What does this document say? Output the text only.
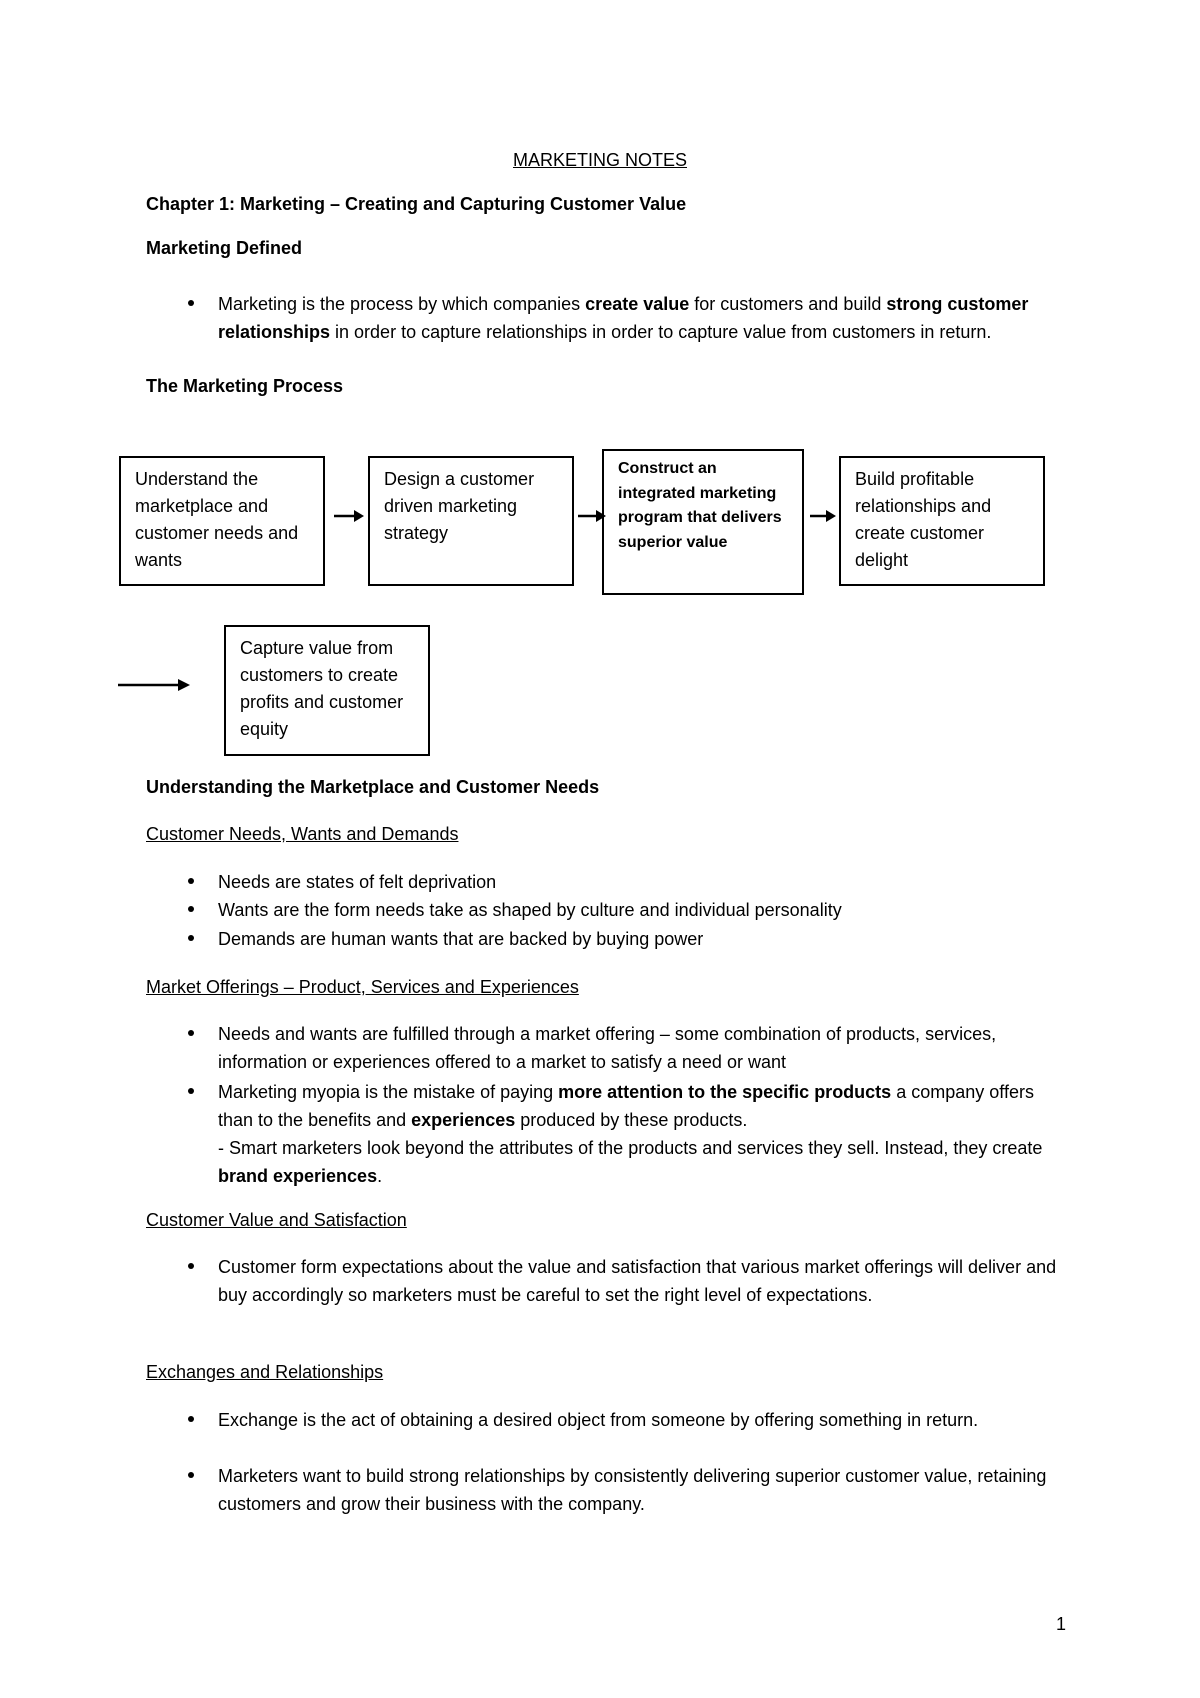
MARKETING NOTES
Chapter 1: Marketing – Creating and Capturing Customer Value
Marketing Defined
Marketing is the process by which companies create value for customers and build strong customer relationships in order to capture relationships in order to capture value from customers in return.
The Marketing Process
Understand the marketplace and customer needs and wants
Design a customer driven marketing strategy
Construct an integrated marketing program that delivers superior value
Build profitable relationships and create customer delight
Capture value from customers to create profits and customer equity
Understanding the Marketplace and Customer Needs
Customer Needs, Wants and Demands
Needs are states of felt deprivation
Wants are the form needs take as shaped by culture and individual personality
Demands are human wants that are backed by buying power
Market Offerings – Product, Services and Experiences
Needs and wants are fulfilled through a market offering – some combination of products, services, information or experiences offered to a market to satisfy a need or want
Marketing myopia is the mistake of paying more attention to the specific products a company offers than to the benefits and experiences produced by these products.
- Smart marketers look beyond the attributes of the products and services they sell. Instead, they create brand experiences.
Customer Value and Satisfaction
Customer form expectations about the value and satisfaction that various market offerings will deliver and buy accordingly so marketers must be careful to set the right level of expectations.
Exchanges and Relationships
Exchange is the act of obtaining a desired object from someone by offering something in return.
Marketers want to build strong relationships by consistently delivering superior customer value, retaining customers and grow their business with the company.
1
